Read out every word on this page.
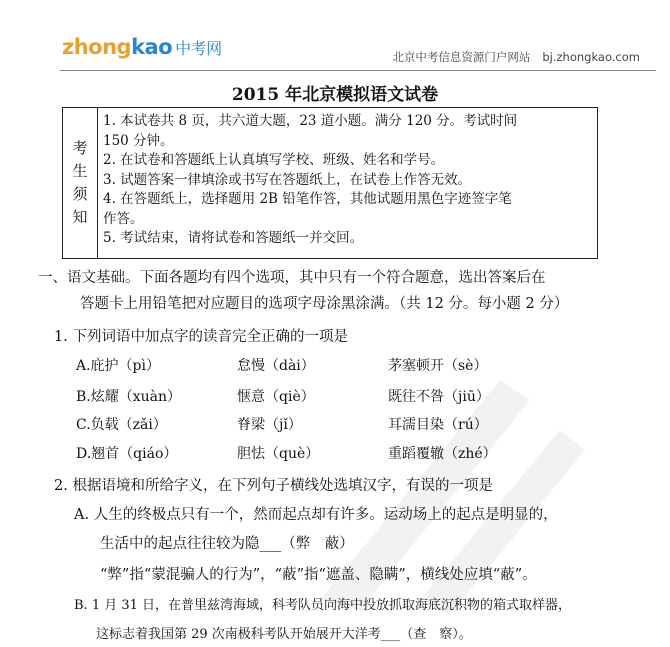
zhongkao 中考网	北京中考信息资源门户网站 bj.zhongkao.com
2015 年北京模拟语文试卷
考
生
须
知
1. 本试卷共 8 页，共六道大题，23 道小题。满分 120 分。考试时间
150 分钟。
2. 在试卷和答题纸上认真填写学校、班级、姓名和学号。
3. 试题答案一律填涂或书写在答题纸上，在试卷上作答无效。
4. 在答题纸上，选择题用 2B 铅笔作答，其他试题用黑色字迹签字笔
作答。
5. 考试结束，请将试卷和答题纸一并交回。
一、语文基础。下面各题均有四个选项，其中只有一个符合题意，选出答案后在
答题卡上用铅笔把对应题目的选项字母涂黑涂满。（共 12 分。每小题 2 分）
1. 下列词语中加点字的读音完全正确的一项是
A.庇护（pì）	怠慢（dài）	茅塞顿开（sè）
B.炫耀（xuàn）	惬意（qiè）	既往不咎（jiū）
C.负载（zǎi）	脊梁（jǐ）	耳濡目染（rú）
D.翘首（qiáo）	胆怯（què）	重蹈覆辙（zhé）
2. 根据语境和所给字义，在下列句子横线处选填汉字，有误的一项是
A. 人生的终极点只有一个，然而起点却有许多。运动场上的起点是明显的，
生活中的起点往往较为隐___（弊　蔽）
“弊”指“蒙混骗人的行为”，“蔽”指“遮盖、隐瞒”，横线处应填“蔽”。
B. 1 月 31 日，在普里兹湾海域，科考队员向海中投放抓取海底沉积物的箱式取样器，
这标志着我国第 29 次南极科考队开始展开大洋考___（查　察）。
